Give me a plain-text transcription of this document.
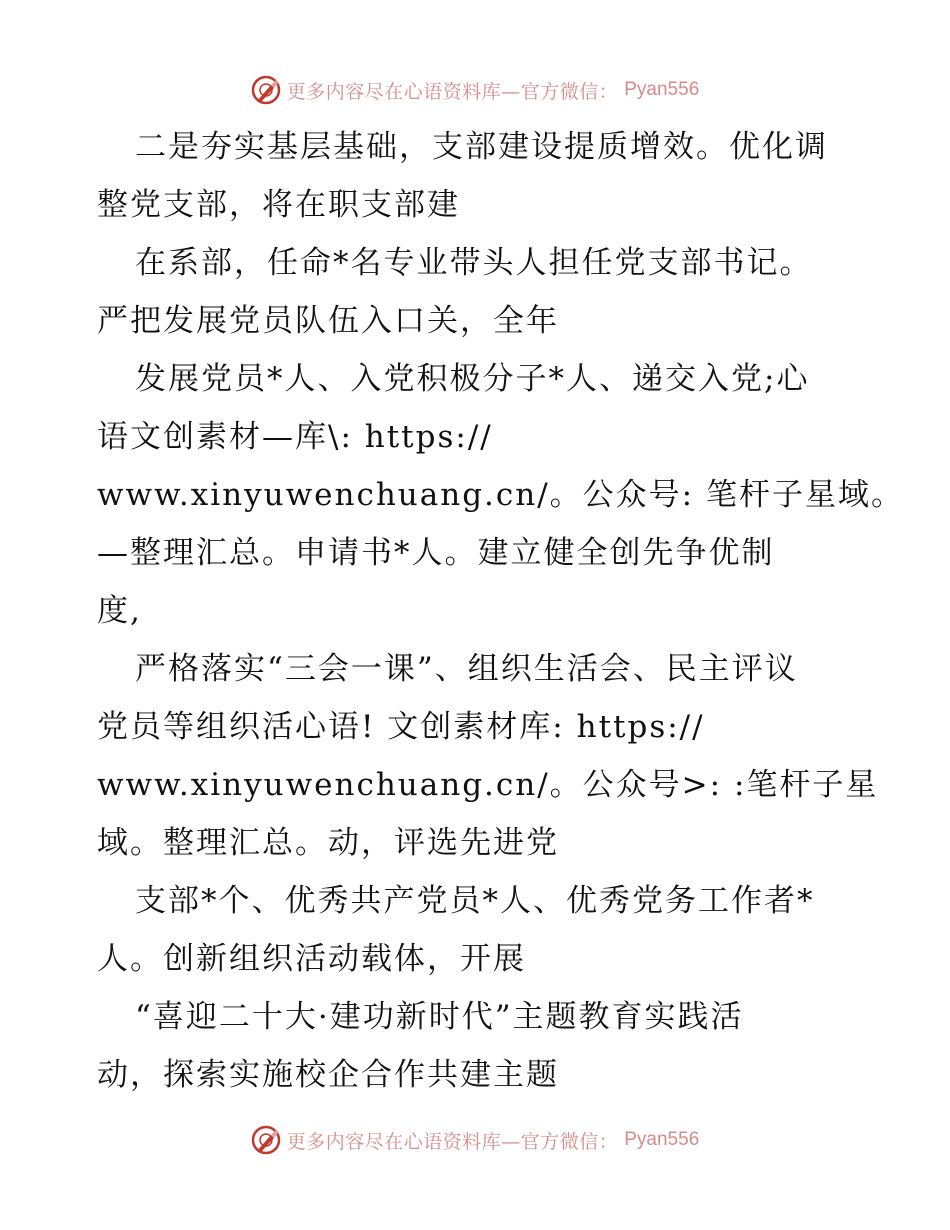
更多内容尽在心语资料库—官方微信： Pyan556
二是夯实基层基础，支部建设提质增效。优化调
整党支部，将在职支部建
在系部，任命*名专业带头人担任党支部书记。
严把发展党员队伍入口关，全年
发展党员*人、入党积极分子*人、递交入党;心
语文创素材—库\: https://
www.xinyuwenchuang.cn/。公众号: 笔杆子星域。
—整理汇总。申请书*人。建立健全创先争优制
度,
严格落实“三会一课”、组织生活会、民主评议
党员等组织活心语! 文创素材库: https://
www.xinyuwenchuang.cn/。公众号>: :笔杆子星
域。整理汇总。动，评选先进党
支部*个、优秀共产党员*人、优秀党务工作者*
人。创新组织活动载体，开展
“喜迎二十大·建功新时代”主题教育实践活
动，探索实施校企合作共建主题
更多内容尽在心语资料库—官方微信： Pyan556
